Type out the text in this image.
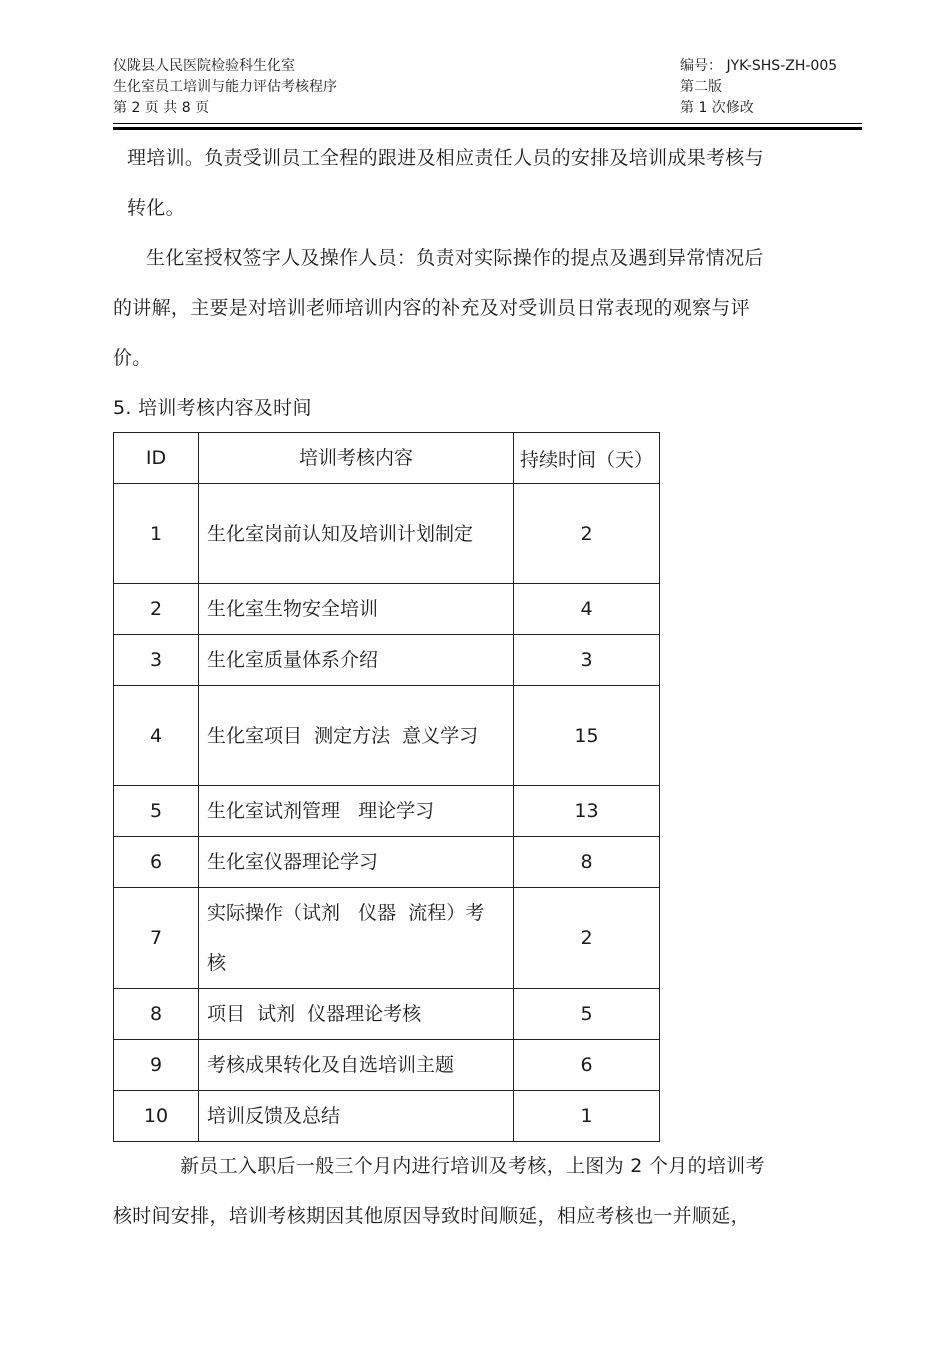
仪陇县人民医院检验科生化室
生化室员工培训与能力评估考核程序
第 2 页 共 8 页
编号： JYK-SHS-ZH-005
第二版
第 1 次修改
理培训。负责受训员工全程的跟进及相应责任人员的安排及培训成果考核与
转化。
生化室授权签字人及操作人员：负责对实际操作的提点及遇到异常情况后
的讲解，主要是对培训老师培训内容的补充及对受训员日常表现的观察与评
价。
5. 培训考核内容及时间
ID	培训考核内容	持续时间（天）
1	生化室岗前认知及培训计划制定	2
2	生化室生物安全培训	4
3	生化室质量体系介绍	3
4	生化室项目  测定方法  意义学习	15
5	生化室试剂管理   理论学习	13
6	生化室仪器理论学习	8
7	实际操作（试剂   仪器  流程）考核	2
8	项目  试剂  仪器理论考核	5
9	考核成果转化及自选培训主题	6
10	培训反馈及总结	1
新员工入职后一般三个月内进行培训及考核，上图为 2 个月的培训考
核时间安排，培训考核期因其他原因导致时间顺延，相应考核也一并顺延，
